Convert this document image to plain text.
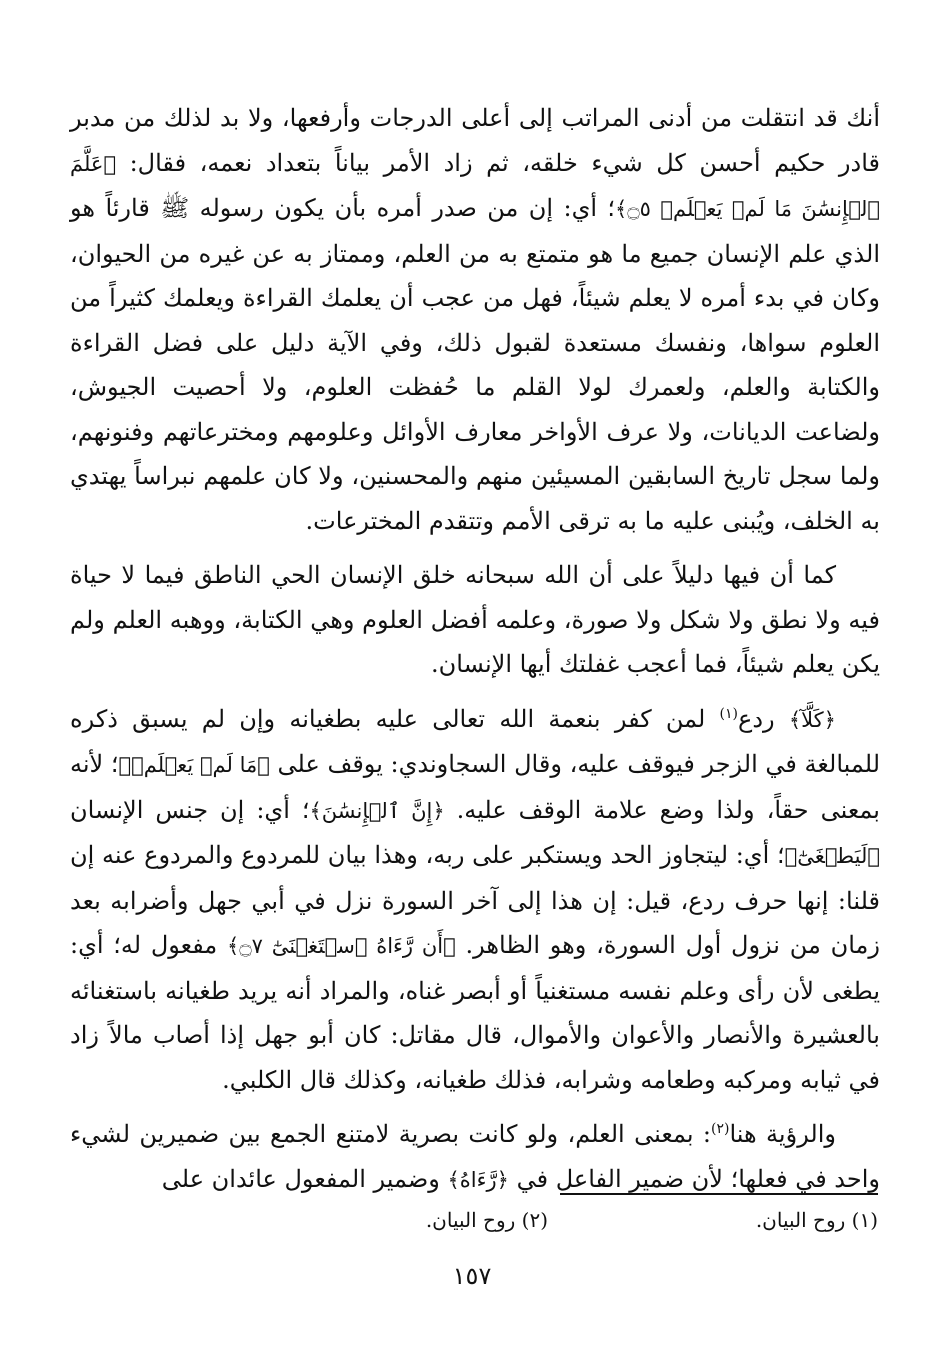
أنك قد انتقلت من أدنى المراتب إلى أعلى الدرجات وأرفعها، ولا بد لذلك من مدبر قادر حكيم أحسن كل شيء خلقه، ثم زاد الأمر بياناً بتعداد نعمه، فقال: ﴿عَلَّمَ ٱلۡإِنسَٰنَ مَا لَمۡ يَعۡلَمۡ ۝٥﴾؛ أي: إن من صدر أمره بأن يكون رسوله ﷺ قارئاً هو الذي علم الإنسان جميع ما هو متمتع به من العلم، وممتاز به عن غيره من الحيوان، وكان في بدء أمره لا يعلم شيئاً، فهل من عجب أن يعلمك القراءة ويعلمك كثيراً من العلوم سواها، ونفسك مستعدة لقبول ذلك، وفي الآية دليل على فضل القراءة والكتابة والعلم، ولعمرك لولا القلم ما حُفظت العلوم، ولا أحصيت الجيوش، ولضاعت الديانات، ولا عرف الأواخر معارف الأوائل وعلومهم ومخترعاتهم وفنونهم، ولما سجل تاريخ السابقين المسيئين منهم والمحسنين، ولا كان علمهم نبراساً يهتدي به الخلف، ويُبنى عليه ما به ترقى الأمم وتتقدم المخترعات.

كما أن فيها دليلاً على أن الله سبحانه خلق الإنسان الحي الناطق فيما لا حياة فيه ولا نطق ولا شكل ولا صورة، وعلمه أفضل العلوم وهي الكتابة، ووهبه العلم ولم يكن يعلم شيئاً، فما أعجب غفلتك أيها الإنسان.

﴿كَلَّآ﴾ ردع$^{(١)}$ لمن كفر بنعمة الله تعالى عليه بطغيانه وإن لم يسبق ذكره للمبالغة في الزجر فيوقف عليه، وقال السجاوندي: يوقف على ﴿مَا لَمۡ يَعۡلَمۡ﴾؛ لأنه بمعنى حقاً، ولذا وضع علامة الوقف عليه. ﴿إِنَّ ٱلۡإِنسَٰنَ﴾؛ أي: إن جنس الإنسان ﴿لَيَطۡغَىٰٓ﴾؛ أي: ليتجاوز الحد ويستكبر على ربه، وهذا بيان للمردوع والمردوع عنه إن قلنا: إنها حرف ردع، قيل: إن هذا إلى آخر السورة نزل في أبي جهل وأضرابه بعد زمان من نزول أول السورة، وهو الظاهر. ﴿أَن رَّءَاهُ ٱسۡتَغۡنَىٰٓ ۝٧﴾ مفعول له؛ أي: يطغى لأن رأى وعلم نفسه مستغنياً أو أبصر غناه، والمراد أنه يريد طغيانه باستغنائه بالعشيرة والأنصار والأعوان والأموال، قال مقاتل: كان أبو جهل إذا أصاب مالاً زاد في ثيابه ومركبه وطعامه وشرابه، فذلك طغيانه، وكذلك قال الكلبي.

والرؤية هنا$^{(٢)}$: بمعنى العلم، ولو كانت بصرية لامتنع الجمع بين ضميرين لشيء واحد في فعلها؛ لأن ضمير الفاعل في ﴿رَّءَاهُ﴾ وضمير المفعول عائدان على

(١) روح البيان.
(٢) روح البيان.
١٥٧
